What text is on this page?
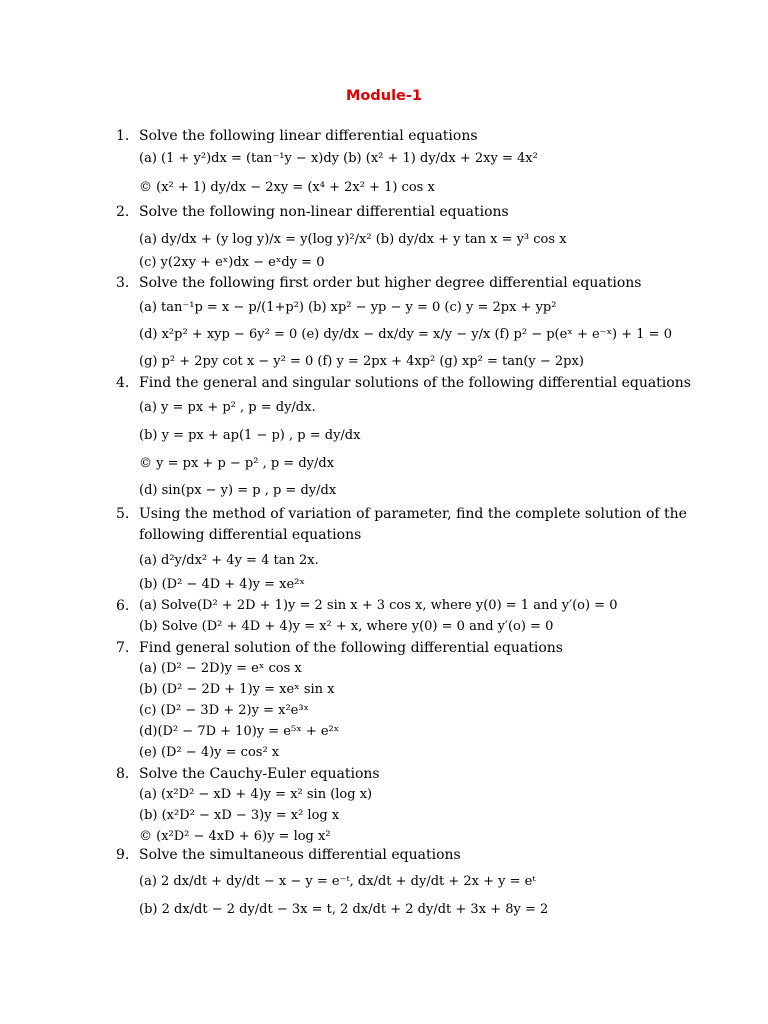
Module-1
1. Solve the following linear differential equations
(a) (1 + y²)dx = (tan⁻¹y − x)dy (b) (x² + 1) dy/dx + 2xy = 4x²
© (x² + 1) dy/dx − 2xy = (x⁴ + 2x² + 1) cos x
2. Solve the following non-linear differential equations
(a) dy/dx + (y log y)/x = y(log y)²/x² (b) dy/dx + y tan x = y³ cos x
(c) y(2xy + eˣ)dx − eˣdy = 0
3. Solve the following first order but higher degree differential equations
(a) tan⁻¹p = x − p/(1+p²) (b) xp² − yp − y = 0 (c) y = 2px + yp²
(d) x²p² + xyp − 6y² = 0 (e) dy/dx − dx/dy = x/y − y/x (f) p² − p(eˣ + e⁻ˣ) + 1 = 0
(g) p² + 2py cot x − y² = 0 (f) y = 2px + 4xp² (g) xp² = tan(y − 2px)
4. Find the general and singular solutions of the following differential equations
(a) y = px + p² , p = dy/dx.
(b) y = px + ap(1 − p) , p = dy/dx
© y = px + p − p² , p = dy/dx
(d) sin(px − y) = p , p = dy/dx
5. Using the method of variation of parameter, find the complete solution of the
following differential equations
(a) d²y/dx² + 4y = 4 tan 2x.
(b) (D² − 4D + 4)y = xe²ˣ
6. (a) Solve(D² + 2D + 1)y = 2 sin x + 3 cos x, where y(0) = 1 and y′(o) = 0
(b) Solve (D² + 4D + 4)y = x² + x, where y(0) = 0 and y′(o) = 0
7. Find general solution of the following differential equations
(a) (D² − 2D)y = eˣ cos x
(b) (D² − 2D + 1)y = xeˣ sin x
(c) (D² − 3D + 2)y = x²e³ˣ
(d)(D² − 7D + 10)y = e⁵ˣ + e²ˣ
(e) (D² − 4)y = cos² x
8. Solve the Cauchy-Euler equations
(a) (x²D² − xD + 4)y = x² sin (log x)
(b) (x²D² − xD − 3)y = x² log x
© (x²D² − 4xD + 6)y = log x²
9. Solve the simultaneous differential equations
(a) 2 dx/dt + dy/dt − x − y = e⁻ᵗ, dx/dt + dy/dt + 2x + y = eᵗ
(b) 2 dx/dt − 2 dy/dt − 3x = t, 2 dx/dt + 2 dy/dt + 3x + 8y = 2
